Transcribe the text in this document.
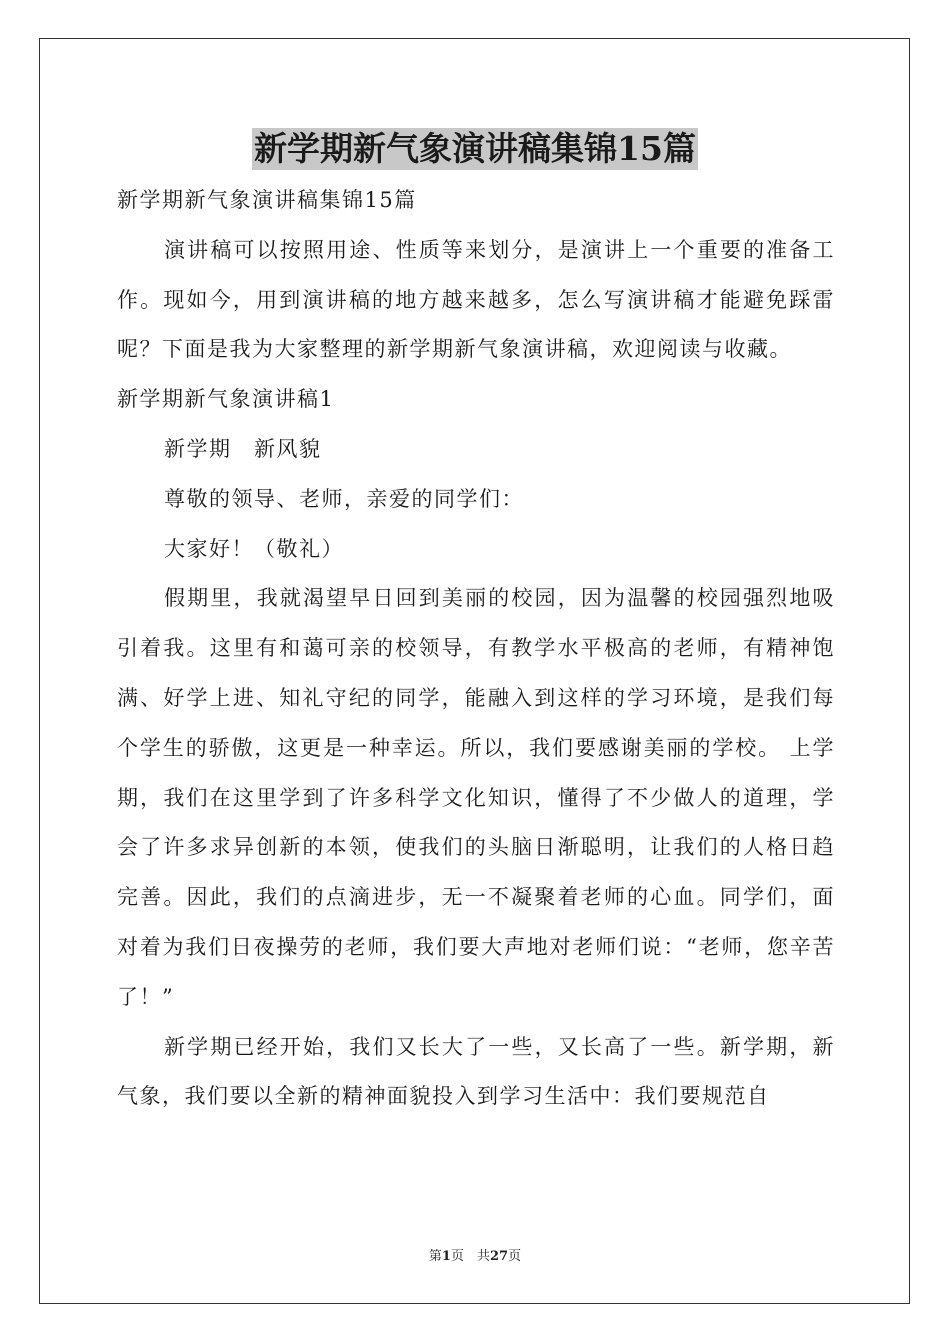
新学期新气象演讲稿集锦15篇
新学期新气象演讲稿集锦15篇
演讲稿可以按照用途、性质等来划分，是演讲上一个重要的准备工作。现如今，用到演讲稿的地方越来越多，怎么写演讲稿才能避免踩雷呢？下面是我为大家整理的新学期新气象演讲稿，欢迎阅读与收藏。
新学期新气象演讲稿1
新学期　新风貌
尊敬的领导、老师，亲爱的同学们：
大家好！（敬礼）
假期里，我就渴望早日回到美丽的校园，因为温馨的校园强烈地吸引着我。这里有和蔼可亲的校领导，有教学水平极高的老师，有精神饱满、好学上进、知礼守纪的同学，能融入到这样的学习环境，是我们每个学生的骄傲，这更是一种幸运。所以，我们要感谢美丽的学校。 上学期，我们在这里学到了许多科学文化知识，懂得了不少做人的道理，学会了许多求异创新的本领，使我们的头脑日渐聪明，让我们的人格日趋完善。因此，我们的点滴进步，无一不凝聚着老师的心血。同学们，面对着为我们日夜操劳的老师，我们要大声地对老师们说：“老师，您辛苦了！”
新学期已经开始，我们又长大了一些，又长高了一些。新学期，新气象，我们要以全新的精神面貌投入到学习生活中：我们要规范自
第1页　共27页
